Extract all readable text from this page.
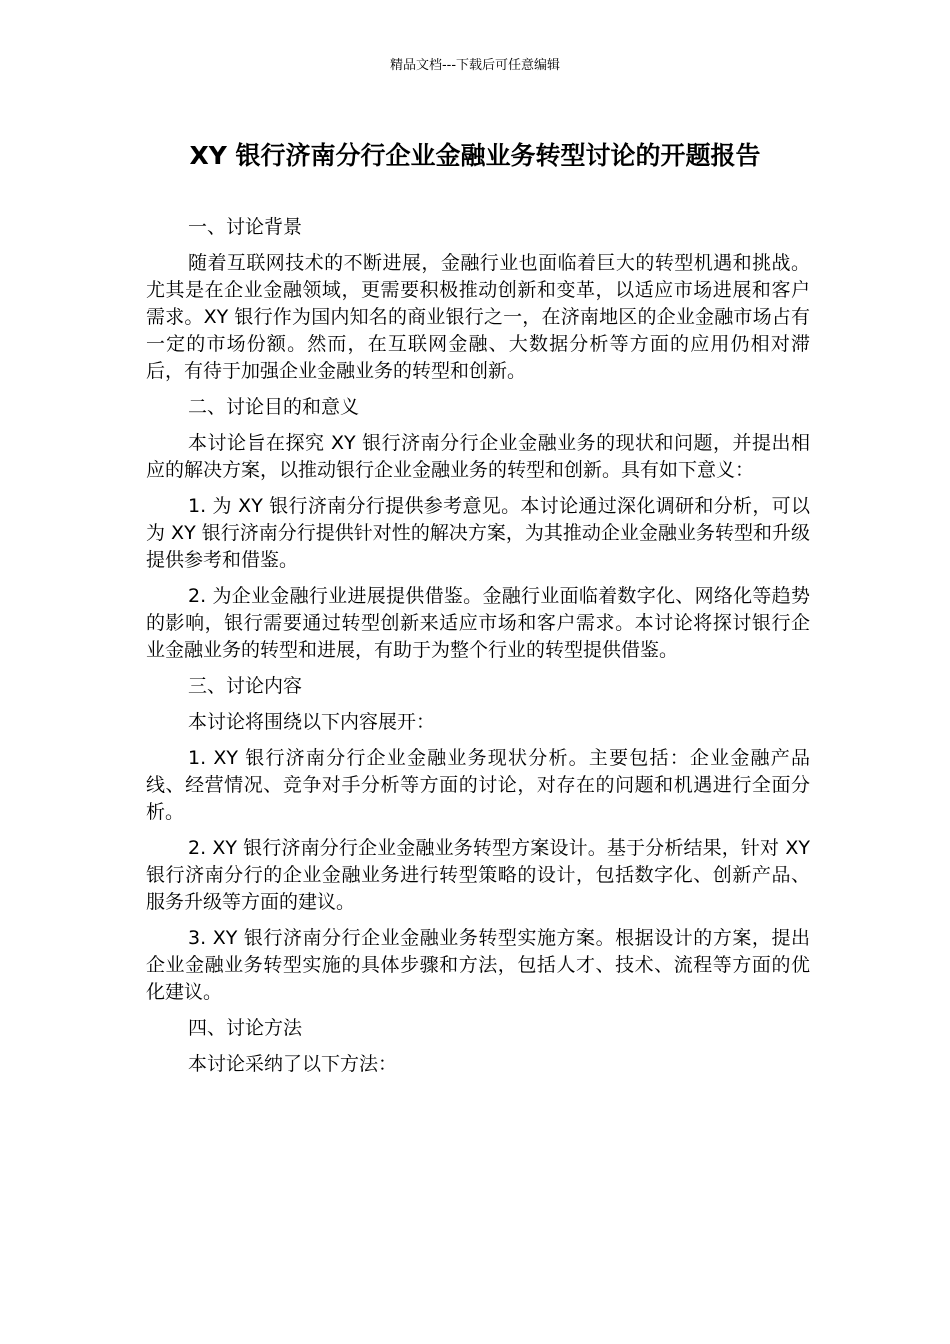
精品文档---下载后可任意编辑
XY 银行济南分行企业金融业务转型讨论的开题报告

一、讨论背景

随着互联网技术的不断进展，金融行业也面临着巨大的转型机遇和挑战。尤其是在企业金融领域，更需要积极推动创新和变革，以适应市场进展和客户需求。XY 银行作为国内知名的商业银行之一，在济南地区的企业金融市场占有一定的市场份额。然而，在互联网金融、大数据分析等方面的应用仍相对滞后，有待于加强企业金融业务的转型和创新。

二、讨论目的和意义

本讨论旨在探究 XY 银行济南分行企业金融业务的现状和问题，并提出相应的解决方案，以推动银行企业金融业务的转型和创新。具有如下意义：

1. 为 XY 银行济南分行提供参考意见。本讨论通过深化调研和分析，可以为 XY 银行济南分行提供针对性的解决方案，为其推动企业金融业务转型和升级提供参考和借鉴。

2. 为企业金融行业进展提供借鉴。金融行业面临着数字化、网络化等趋势的影响，银行需要通过转型创新来适应市场和客户需求。本讨论将探讨银行企业金融业务的转型和进展，有助于为整个行业的转型提供借鉴。

三、讨论内容

本讨论将围绕以下内容展开：

1. XY 银行济南分行企业金融业务现状分析。主要包括：企业金融产品线、经营情况、竞争对手分析等方面的讨论，对存在的问题和机遇进行全面分析。

2. XY 银行济南分行企业金融业务转型方案设计。基于分析结果，针对 XY 银行济南分行的企业金融业务进行转型策略的设计，包括数字化、创新产品、服务升级等方面的建议。

3. XY 银行济南分行企业金融业务转型实施方案。根据设计的方案，提出企业金融业务转型实施的具体步骤和方法，包括人才、技术、流程等方面的优化建议。

四、讨论方法

本讨论采纳了以下方法：
